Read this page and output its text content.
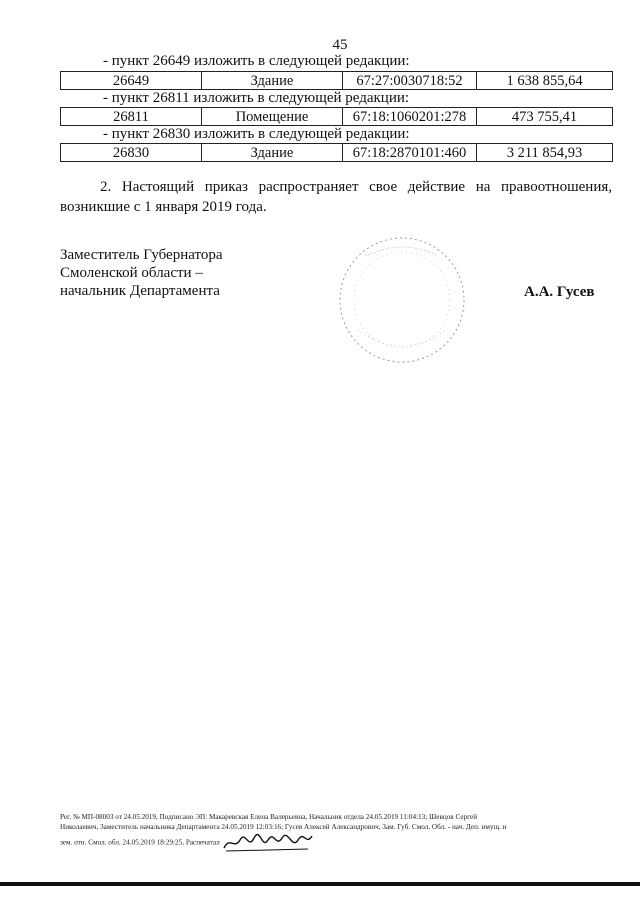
45
- пункт 26649 изложить в следующей редакции:
26649	Здание	67:27:0030718:52	1 638 855,64
- пункт 26811 изложить в следующей редакции:
26811	Помещение	67:18:1060201:278	473 755,41
- пункт 26830 изложить в следующей редакции:
26830	Здание	67:18:2870101:460	3 211 854,93

2. Настоящий приказ распространяет свое действие на правоотношения,

возникшие с 1 января 2019 года.

Заместитель Губернатора
Смоленской области –
начальник Департамента	А.А. Гусев
Рег. № МП-08003 от 24.05.2019, Подписано ЭП: Макаревская Елена Валерьевна, Начальник отдела 24.05.2019 11:04:13; Шевцов Сергей
Николаевич, Заместитель начальника Департамента 24.05.2019 12:03:16; Гусев Алексей Александрович, Зам. Губ. Смол. Обл. - нач. Деп. имущ. и
зем. отн. Смол. обл. 24.05.2019 18:29:25, Распечатал
